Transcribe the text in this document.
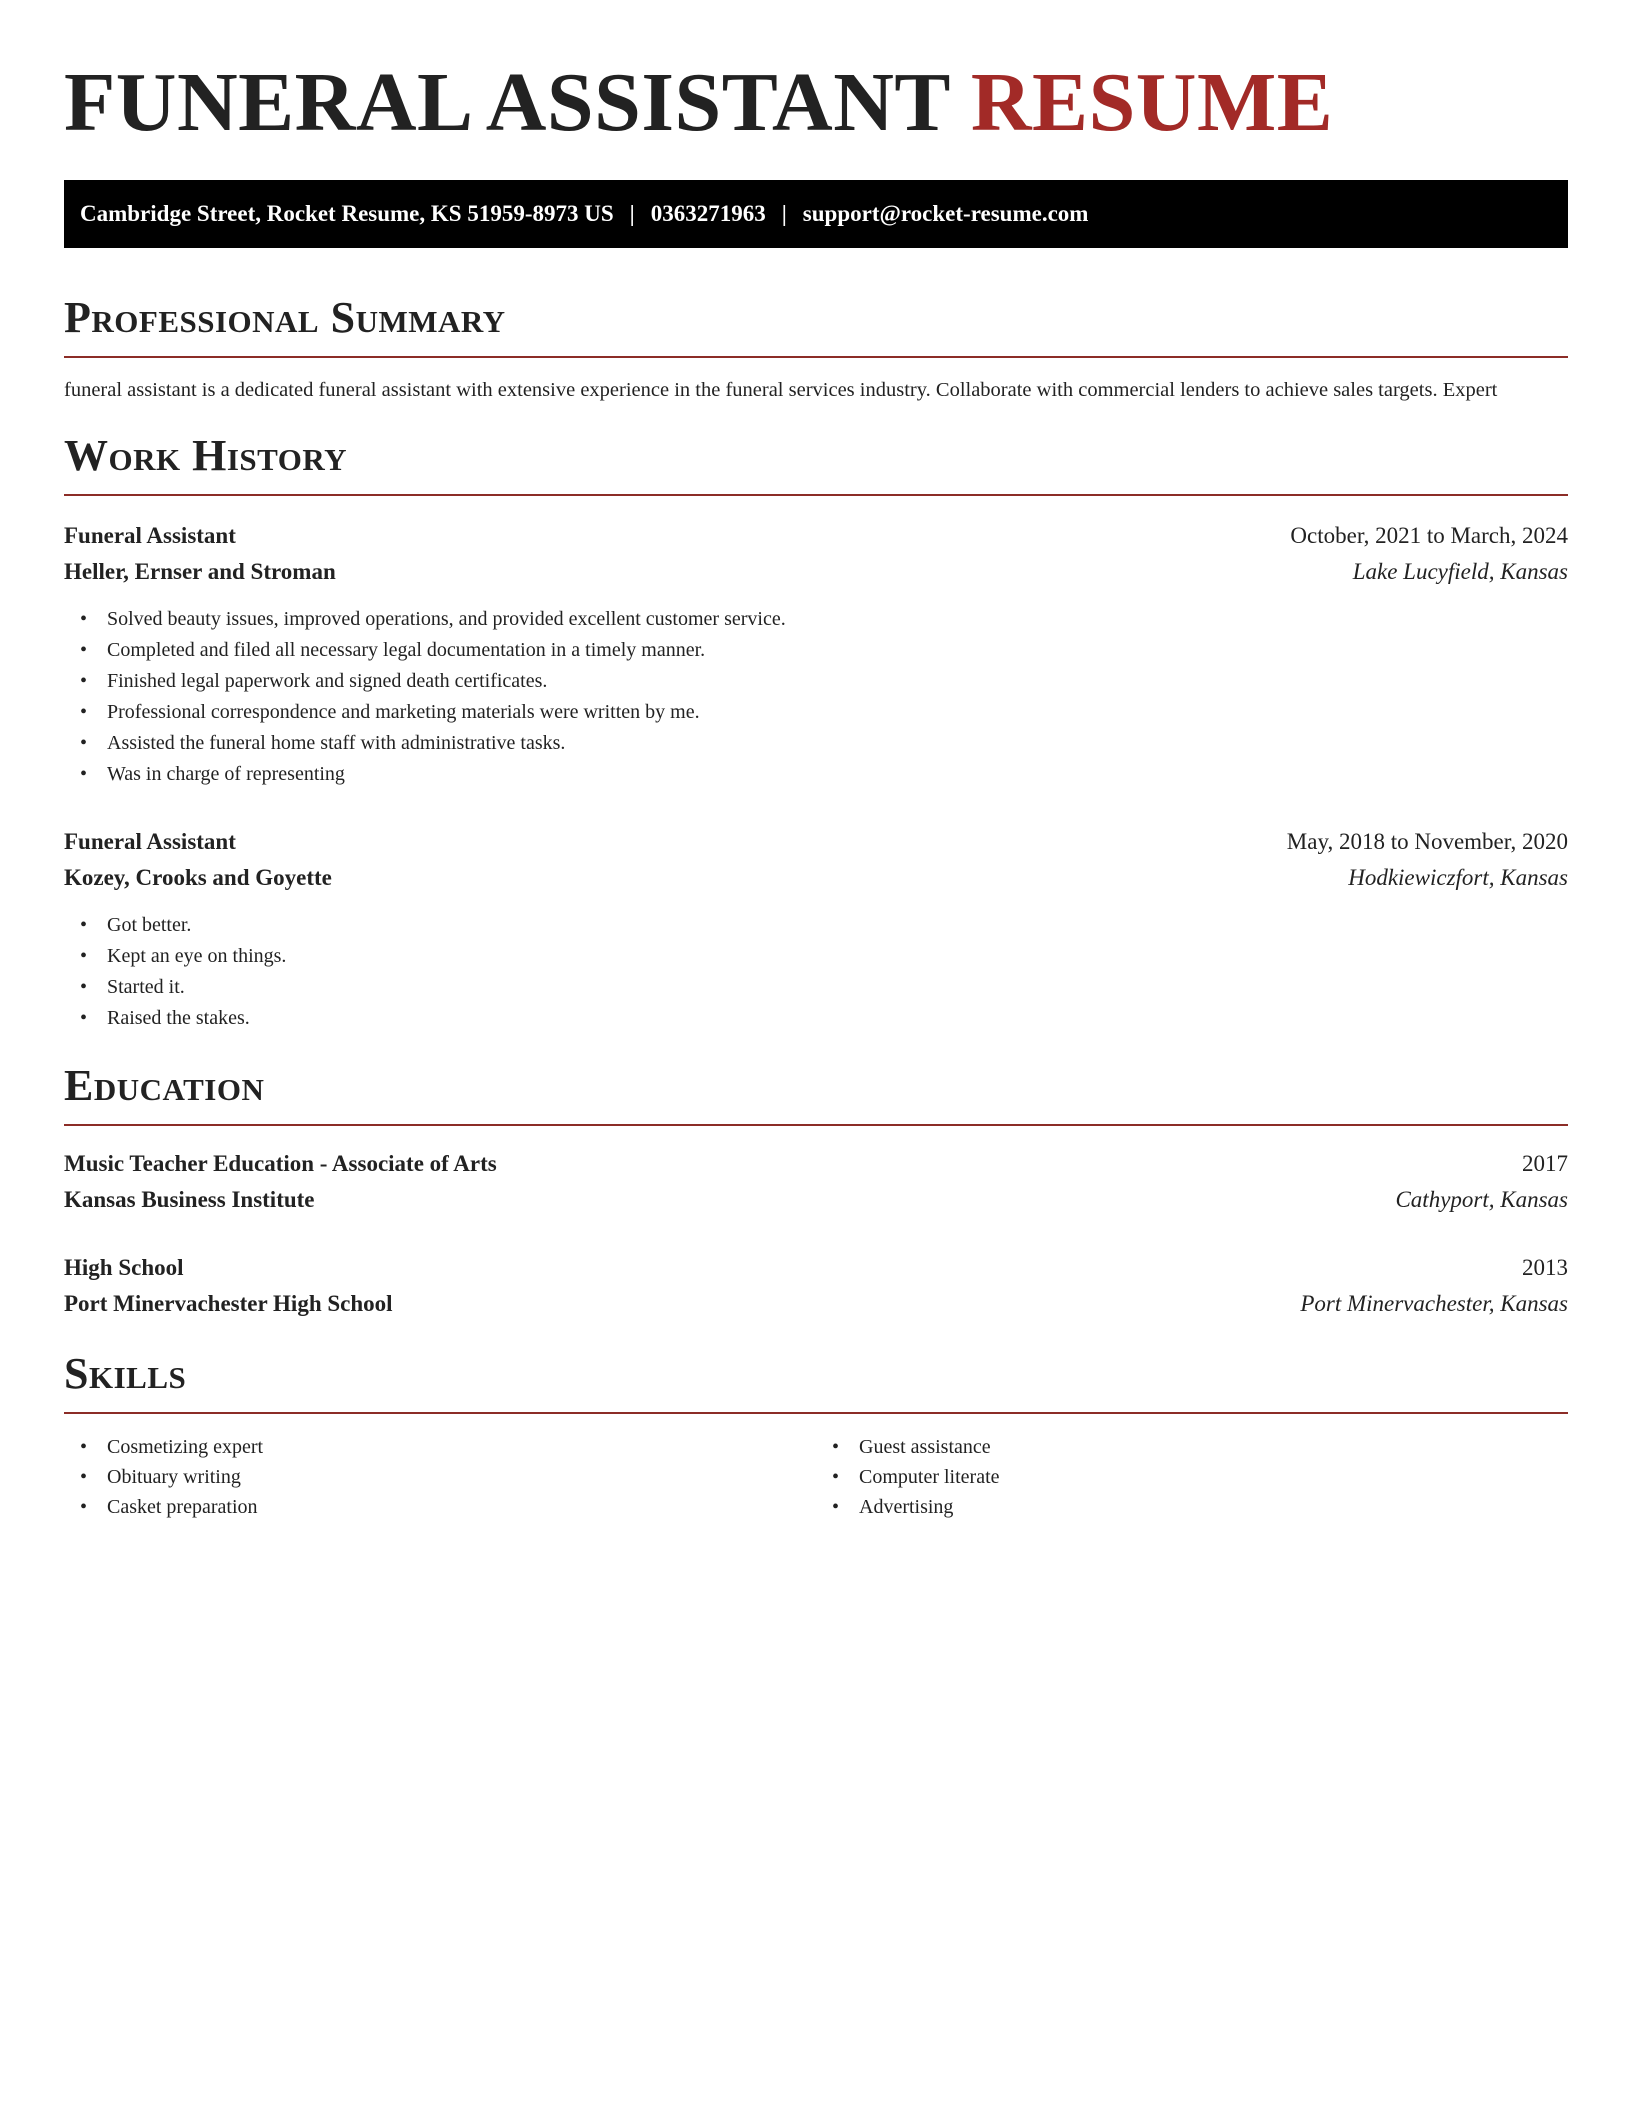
FUNERAL ASSISTANT RESUME
Cambridge Street, Rocket Resume, KS 51959-8973 US | 0363271963 | support@rocket-resume.com
Professional Summary

funeral assistant is a dedicated funeral assistant with extensive experience in the funeral services industry. Collaborate with commercial lenders to achieve sales targets. Expert

Work History
Funeral Assistant	October, 2021 to March, 2024
Heller, Ernser and Stroman	Lake Lucyfield, Kansas
• Solved beauty issues, improved operations, and provided excellent customer service.
• Completed and filed all necessary legal documentation in a timely manner.
• Finished legal paperwork and signed death certificates.
• Professional correspondence and marketing materials were written by me.
• Assisted the funeral home staff with administrative tasks.
• Was in charge of representing
Funeral Assistant	May, 2018 to November, 2020
Kozey, Crooks and Goyette	Hodkiewiczfort, Kansas
• Got better.
• Kept an eye on things.
• Started it.
• Raised the stakes.
Education
Music Teacher Education - Associate of Arts	2017
Kansas Business Institute	Cathyport, Kansas
High School	2013
Port Minervachester High School	Port Minervachester, Kansas
Skills
• Cosmetizing expert
• Obituary writing
• Casket preparation
• Guest assistance
• Computer literate
• Advertising
